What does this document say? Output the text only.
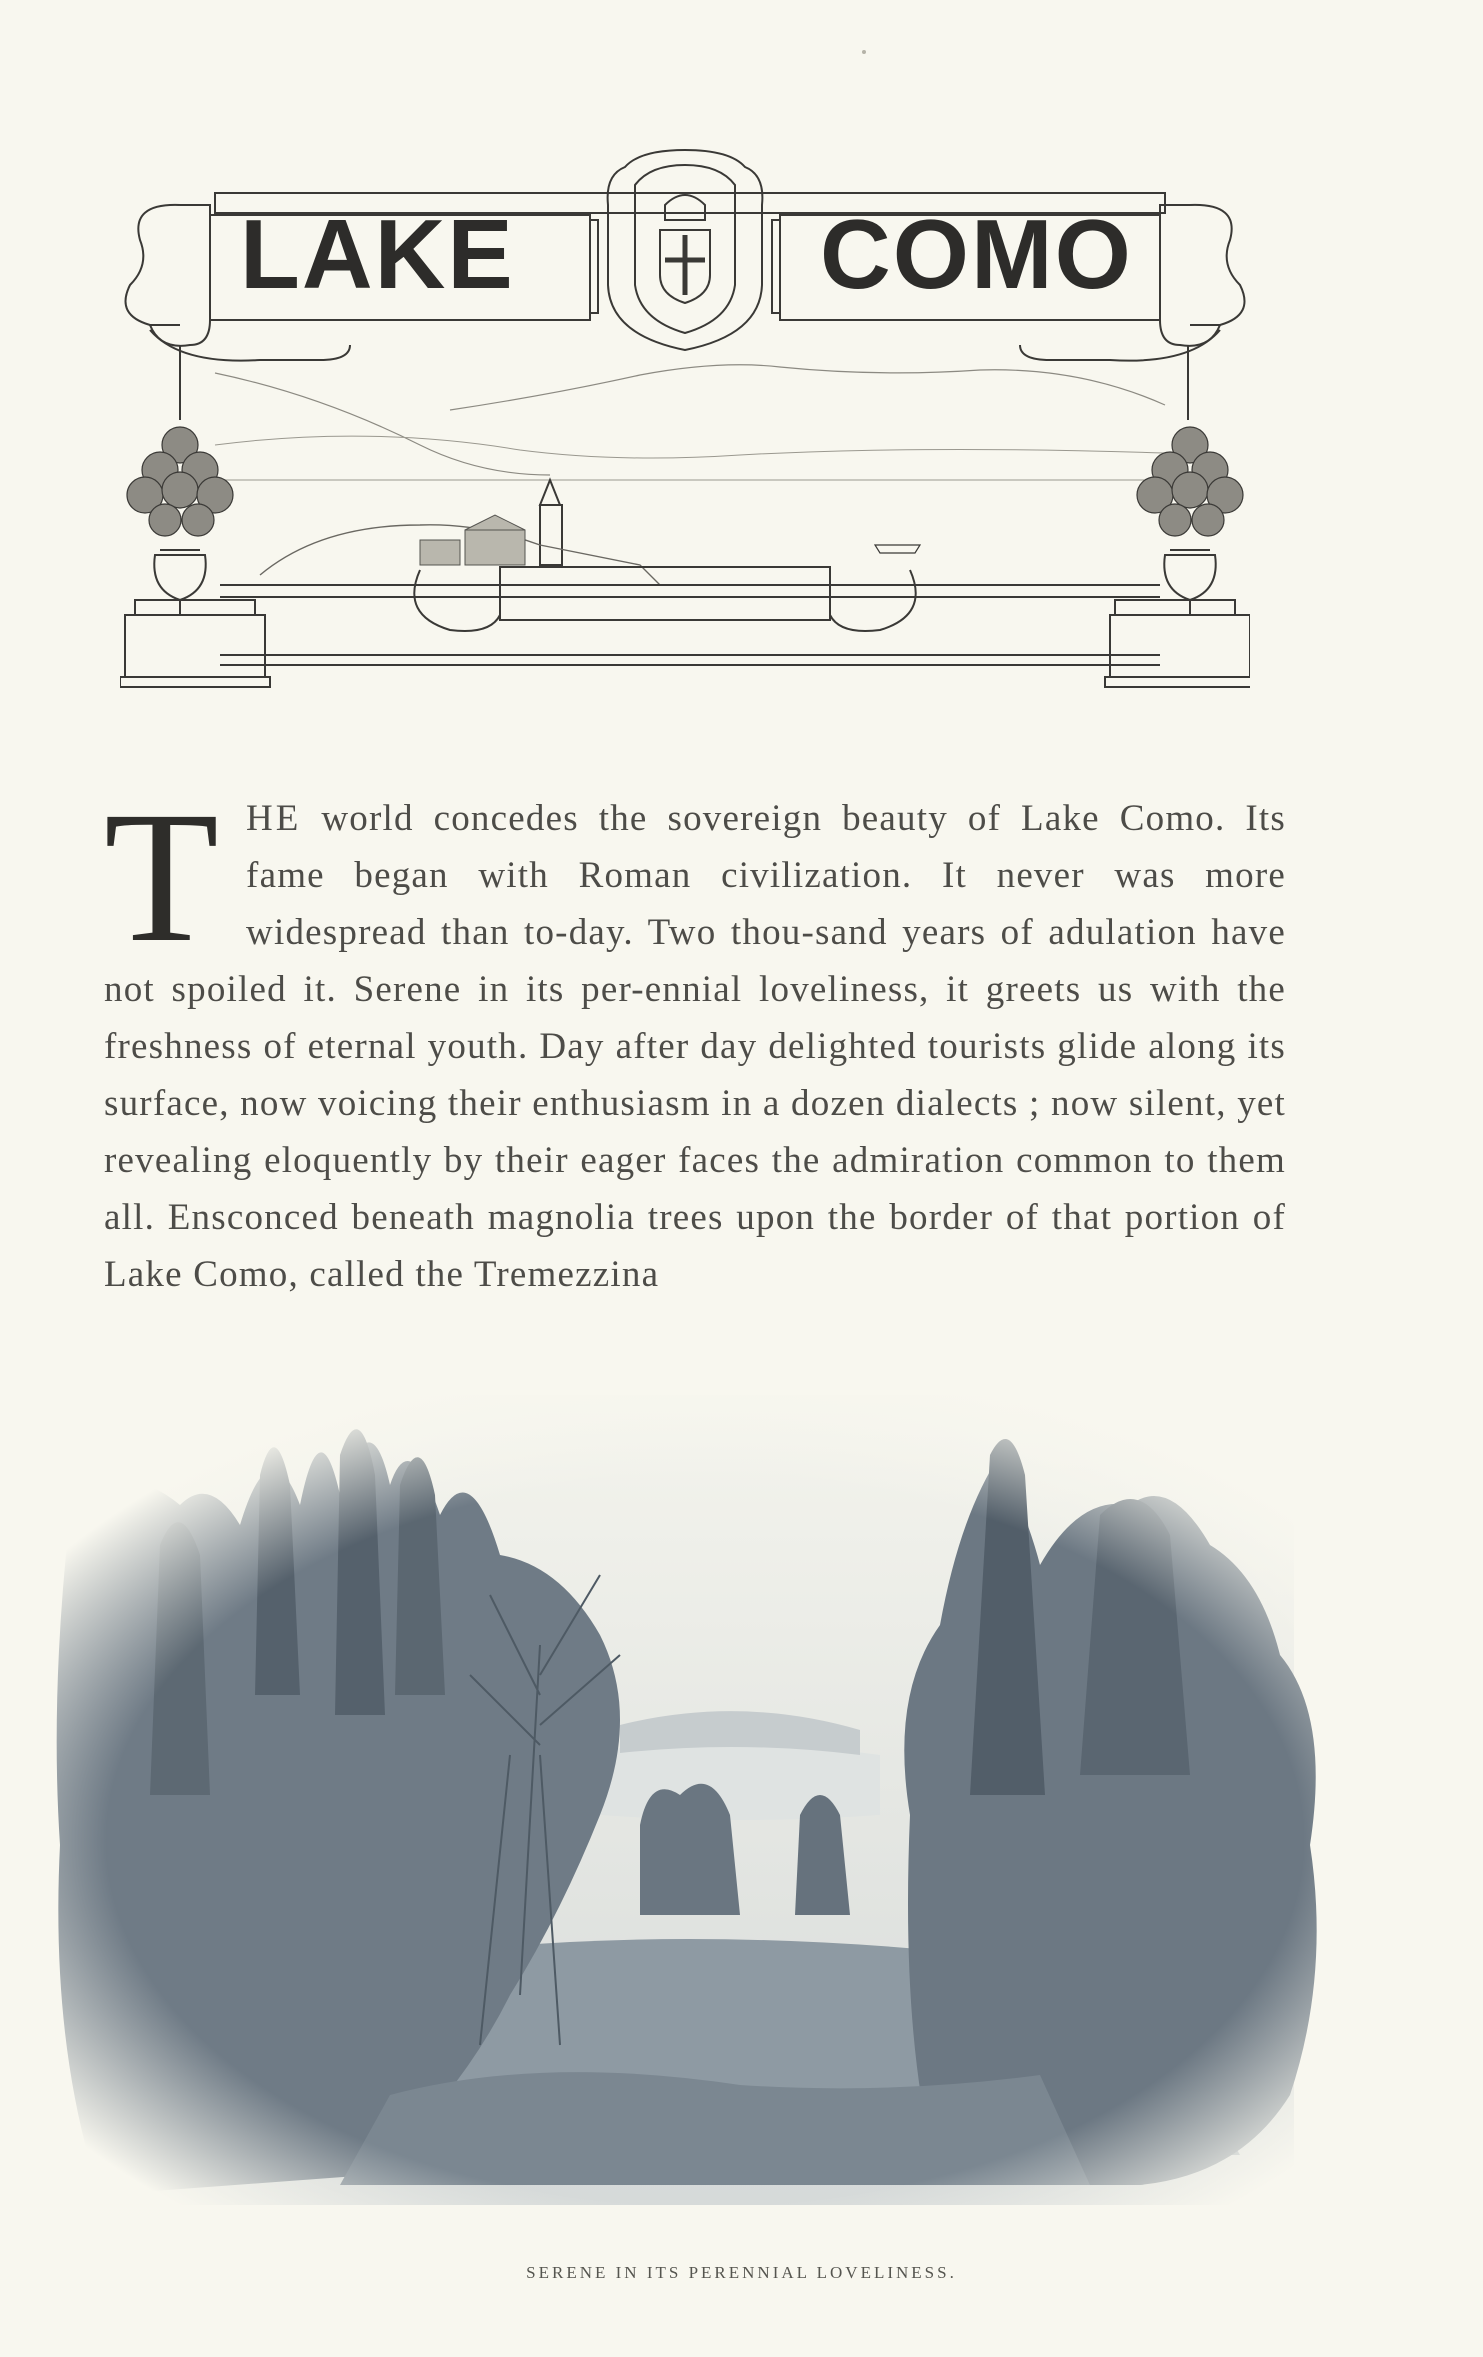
LAKE	COMO
THE world concedes the sovereign beauty of Lake Como. Its fame began with Roman civilization. It never was more widespread than to-day. Two thou-sand years of adulation have not spoiled it. Serene in its per-ennial loveliness, it greets us with the freshness of eternal youth. Day after day delighted tourists glide along its surface, now voicing their enthusiasm in a dozen dialects ; now silent, yet revealing eloquently by their eager faces the admiration common to them all. Ensconced beneath magnolia trees upon the border of that portion of Lake Como, called the Tremezzina
SERENE IN ITS PERENNIAL LOVELINESS.
